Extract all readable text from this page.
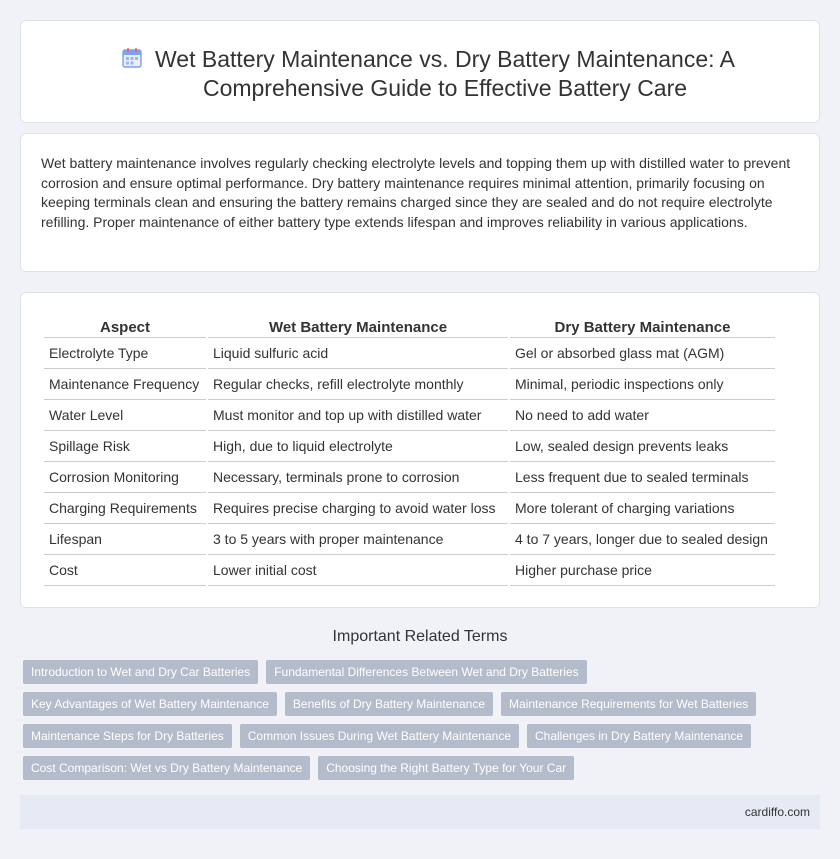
Wet Battery Maintenance vs. Dry Battery Maintenance: A Comprehensive Guide to Effective Battery Care

Wet battery maintenance involves regularly checking electrolyte levels and topping them up with distilled water to prevent corrosion and ensure optimal performance. Dry battery maintenance requires minimal attention, primarily focusing on keeping terminals clean and ensuring the battery remains charged since they are sealed and do not require electrolyte refilling. Proper maintenance of either battery type extends lifespan and improves reliability in various applications.

Aspect	Wet Battery Maintenance	Dry Battery Maintenance
Electrolyte Type	Liquid sulfuric acid	Gel or absorbed glass mat (AGM)
Maintenance Frequency	Regular checks, refill electrolyte monthly	Minimal, periodic inspections only
Water Level	Must monitor and top up with distilled water	No need to add water
Spillage Risk	High, due to liquid electrolyte	Low, sealed design prevents leaks
Corrosion Monitoring	Necessary, terminals prone to corrosion	Less frequent due to sealed terminals
Charging Requirements	Requires precise charging to avoid water loss	More tolerant of charging variations
Lifespan	3 to 5 years with proper maintenance	4 to 7 years, longer due to sealed design
Cost	Lower initial cost	Higher purchase price
Important Related Terms
Introduction to Wet and Dry Car Batteries	Fundamental Differences Between Wet and Dry Batteries
Key Advantages of Wet Battery Maintenance	Benefits of Dry Battery Maintenance	Maintenance Requirements for Wet Batteries
Maintenance Steps for Dry Batteries	Common Issues During Wet Battery Maintenance	Challenges in Dry Battery Maintenance
Cost Comparison: Wet vs Dry Battery Maintenance	Choosing the Right Battery Type for Your Car
cardiffo.com
